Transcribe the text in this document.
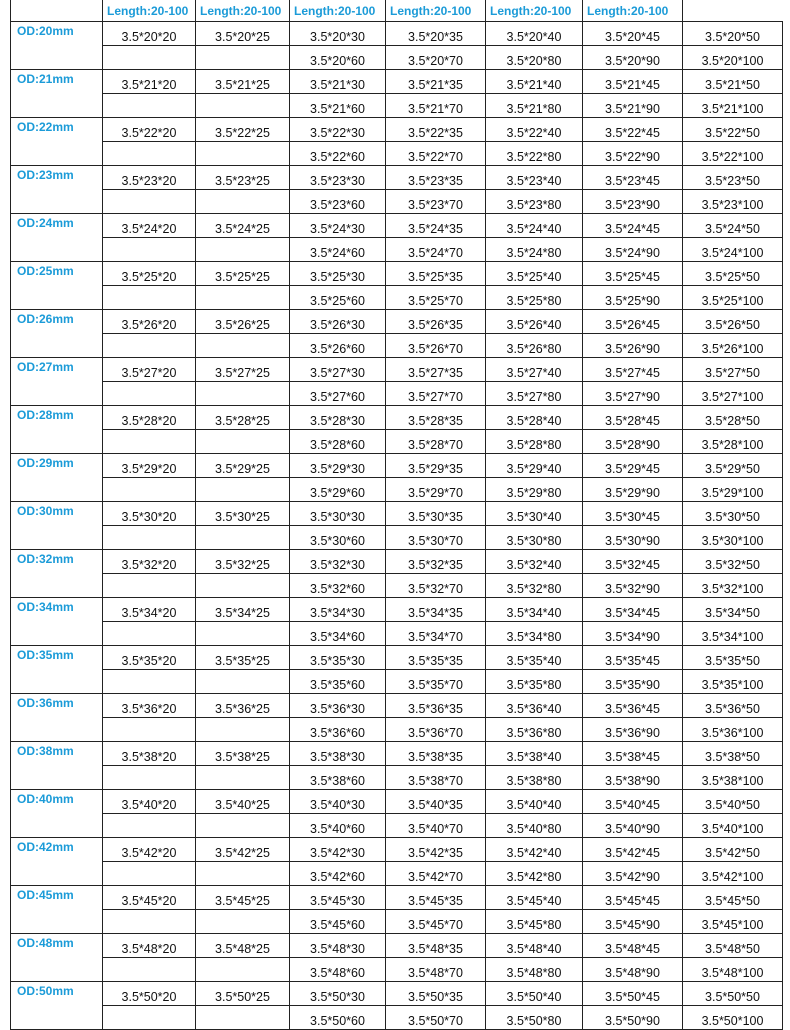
	Length:20-100	Length:20-100	Length:20-100	Length:20-100	Length:20-100	Length:20-100	
OD:20mm	3.5*20*20	3.5*20*25	3.5*20*30	3.5*20*35	3.5*20*40	3.5*20*45	3.5*20*50
			3.5*20*60	3.5*20*70	3.5*20*80	3.5*20*90	3.5*20*100
OD:21mm	3.5*21*20	3.5*21*25	3.5*21*30	3.5*21*35	3.5*21*40	3.5*21*45	3.5*21*50
			3.5*21*60	3.5*21*70	3.5*21*80	3.5*21*90	3.5*21*100
OD:22mm	3.5*22*20	3.5*22*25	3.5*22*30	3.5*22*35	3.5*22*40	3.5*22*45	3.5*22*50
			3.5*22*60	3.5*22*70	3.5*22*80	3.5*22*90	3.5*22*100
OD:23mm	3.5*23*20	3.5*23*25	3.5*23*30	3.5*23*35	3.5*23*40	3.5*23*45	3.5*23*50
			3.5*23*60	3.5*23*70	3.5*23*80	3.5*23*90	3.5*23*100
OD:24mm	3.5*24*20	3.5*24*25	3.5*24*30	3.5*24*35	3.5*24*40	3.5*24*45	3.5*24*50
			3.5*24*60	3.5*24*70	3.5*24*80	3.5*24*90	3.5*24*100
OD:25mm	3.5*25*20	3.5*25*25	3.5*25*30	3.5*25*35	3.5*25*40	3.5*25*45	3.5*25*50
			3.5*25*60	3.5*25*70	3.5*25*80	3.5*25*90	3.5*25*100
OD:26mm	3.5*26*20	3.5*26*25	3.5*26*30	3.5*26*35	3.5*26*40	3.5*26*45	3.5*26*50
			3.5*26*60	3.5*26*70	3.5*26*80	3.5*26*90	3.5*26*100
OD:27mm	3.5*27*20	3.5*27*25	3.5*27*30	3.5*27*35	3.5*27*40	3.5*27*45	3.5*27*50
			3.5*27*60	3.5*27*70	3.5*27*80	3.5*27*90	3.5*27*100
OD:28mm	3.5*28*20	3.5*28*25	3.5*28*30	3.5*28*35	3.5*28*40	3.5*28*45	3.5*28*50
			3.5*28*60	3.5*28*70	3.5*28*80	3.5*28*90	3.5*28*100
OD:29mm	3.5*29*20	3.5*29*25	3.5*29*30	3.5*29*35	3.5*29*40	3.5*29*45	3.5*29*50
			3.5*29*60	3.5*29*70	3.5*29*80	3.5*29*90	3.5*29*100
OD:30mm	3.5*30*20	3.5*30*25	3.5*30*30	3.5*30*35	3.5*30*40	3.5*30*45	3.5*30*50
			3.5*30*60	3.5*30*70	3.5*30*80	3.5*30*90	3.5*30*100
OD:32mm	3.5*32*20	3.5*32*25	3.5*32*30	3.5*32*35	3.5*32*40	3.5*32*45	3.5*32*50
			3.5*32*60	3.5*32*70	3.5*32*80	3.5*32*90	3.5*32*100
OD:34mm	3.5*34*20	3.5*34*25	3.5*34*30	3.5*34*35	3.5*34*40	3.5*34*45	3.5*34*50
			3.5*34*60	3.5*34*70	3.5*34*80	3.5*34*90	3.5*34*100
OD:35mm	3.5*35*20	3.5*35*25	3.5*35*30	3.5*35*35	3.5*35*40	3.5*35*45	3.5*35*50
			3.5*35*60	3.5*35*70	3.5*35*80	3.5*35*90	3.5*35*100
OD:36mm	3.5*36*20	3.5*36*25	3.5*36*30	3.5*36*35	3.5*36*40	3.5*36*45	3.5*36*50
			3.5*36*60	3.5*36*70	3.5*36*80	3.5*36*90	3.5*36*100
OD:38mm	3.5*38*20	3.5*38*25	3.5*38*30	3.5*38*35	3.5*38*40	3.5*38*45	3.5*38*50
			3.5*38*60	3.5*38*70	3.5*38*80	3.5*38*90	3.5*38*100
OD:40mm	3.5*40*20	3.5*40*25	3.5*40*30	3.5*40*35	3.5*40*40	3.5*40*45	3.5*40*50
			3.5*40*60	3.5*40*70	3.5*40*80	3.5*40*90	3.5*40*100
OD:42mm	3.5*42*20	3.5*42*25	3.5*42*30	3.5*42*35	3.5*42*40	3.5*42*45	3.5*42*50
			3.5*42*60	3.5*42*70	3.5*42*80	3.5*42*90	3.5*42*100
OD:45mm	3.5*45*20	3.5*45*25	3.5*45*30	3.5*45*35	3.5*45*40	3.5*45*45	3.5*45*50
			3.5*45*60	3.5*45*70	3.5*45*80	3.5*45*90	3.5*45*100
OD:48mm	3.5*48*20	3.5*48*25	3.5*48*30	3.5*48*35	3.5*48*40	3.5*48*45	3.5*48*50
			3.5*48*60	3.5*48*70	3.5*48*80	3.5*48*90	3.5*48*100
OD:50mm	3.5*50*20	3.5*50*25	3.5*50*30	3.5*50*35	3.5*50*40	3.5*50*45	3.5*50*50
			3.5*50*60	3.5*50*70	3.5*50*80	3.5*50*90	3.5*50*100
